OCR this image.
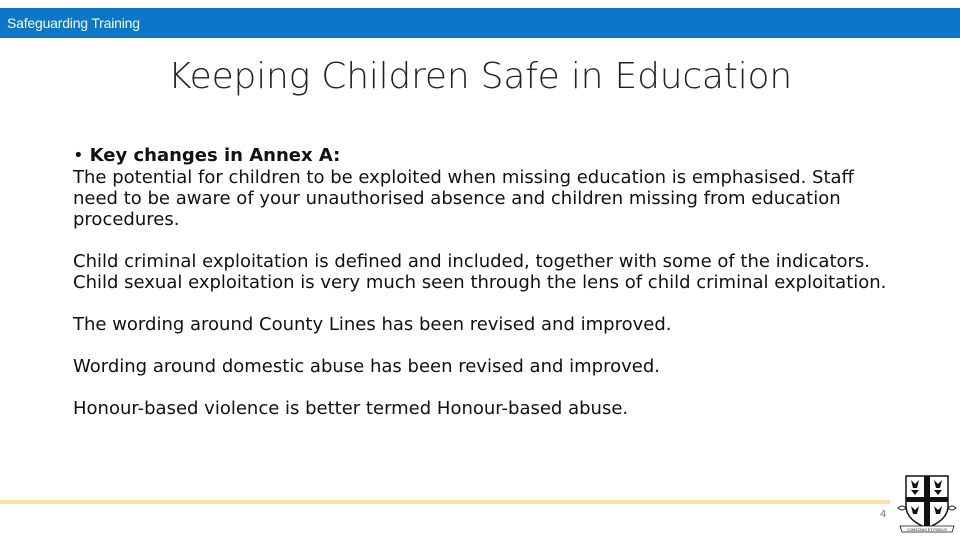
Safeguarding Training
Keeping Children Safe in Education
• Key changes in Annex A:

The potential for children to be exploited when missing education is emphasised. Staff need to be aware of your unauthorised absence and children missing from education procedures.

Child criminal exploitation is defined and included, together with some of the indicators. Child sexual exploitation is very much seen through the lens of child criminal exploitation.

The wording around County Lines has been revised and improved.

Wording around domestic abuse has been revised and improved.

Honour-based violence is better termed Honour-based abuse.

4
CONSTANS ET FIDELIS
